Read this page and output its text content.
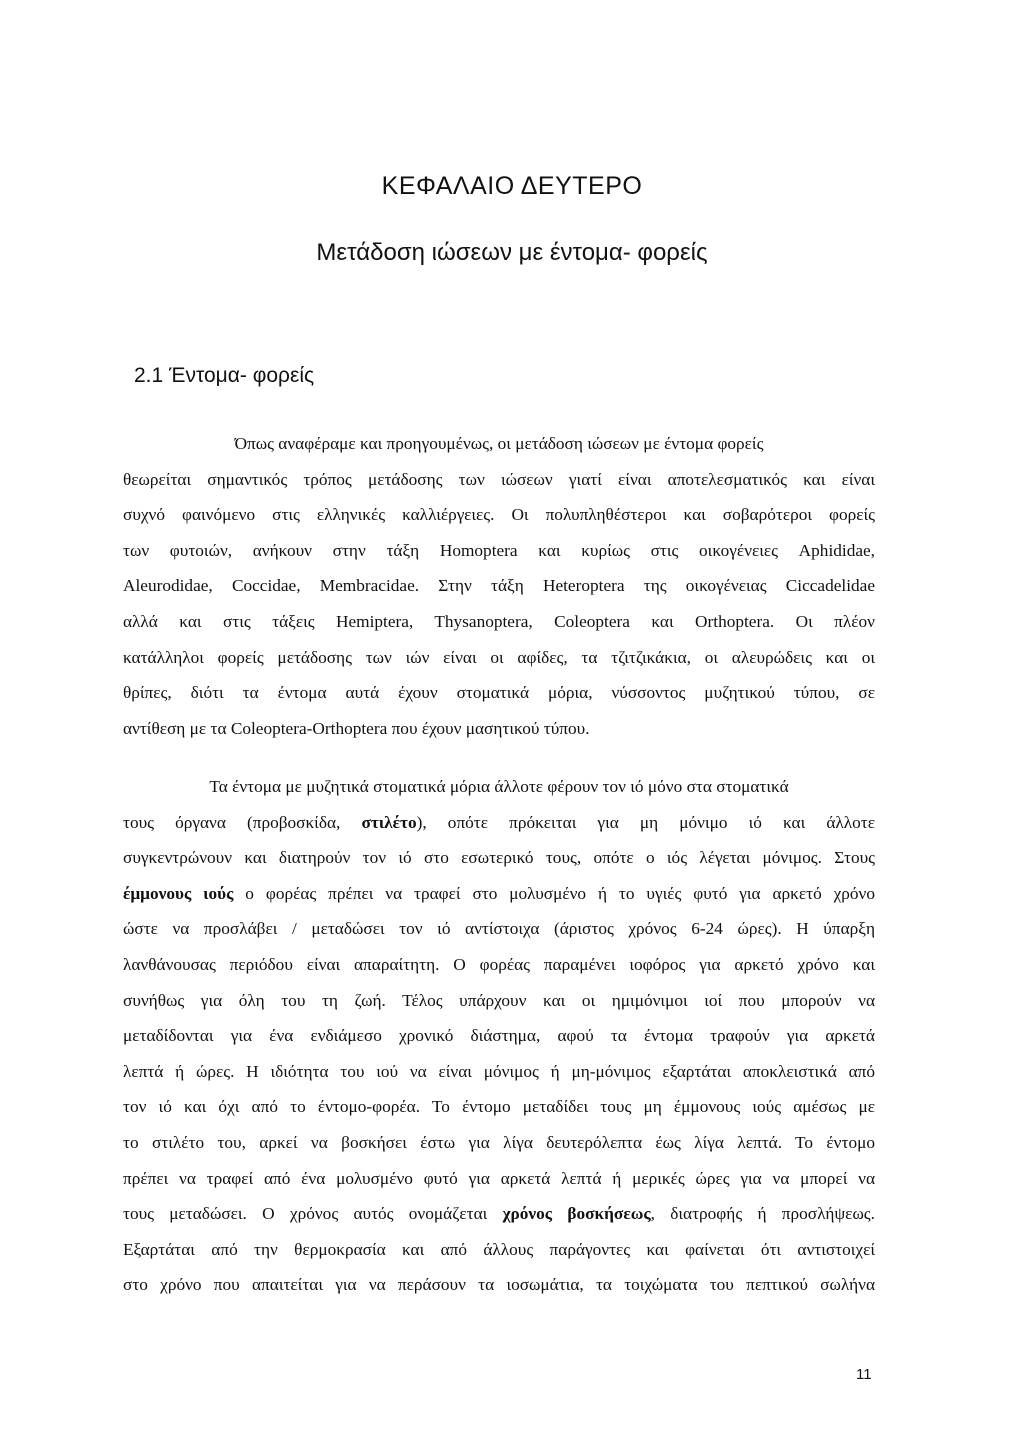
ΚΕΦΑΛΑΙΟ ΔΕΥΤΕΡΟ
Μετάδοση ιώσεων με έντομα- φορείς
2.1 Έντομα- φορείς
Όπως αναφέραμε και προηγουμένως, οι μετάδοση ιώσεων με έντομα φορείς
θεωρείται σημαντικός τρόπος μετάδοσης των ιώσεων γιατί είναι αποτελεσματικός και είναι
συχνό φαινόμενο στις ελληνικές καλλιέργειες. Οι πολυπληθέστεροι και σοβαρότεροι φορείς
των φυτοιών, ανήκουν στην τάξη Homoptera και κυρίως στις οικογένειες Aphididae,
Aleurodidae, Coccidae, Membracidae. Στην τάξη Heteroptera της οικογένειας Ciccadelidae
αλλά και στις τάξεις Hemiptera, Thysanoptera, Coleoptera και Orthoptera. Οι πλέον
κατάλληλοι φορείς μετάδοσης των ιών είναι οι αφίδες, τα τζιτζικάκια, οι αλευρώδεις και οι
θρίπες, διότι τα έντομα αυτά έχουν στοματικά μόρια, νύσσοντος μυζητικού τύπου, σε
αντίθεση με τα Coleoptera-Orthoptera που έχουν μασητικού τύπου.
Τα έντομα με μυζητικά στοματικά μόρια άλλοτε φέρουν τον ιό μόνο στα στοματικά
τους όργανα (προβοσκίδα, στιλέτο), οπότε πρόκειται για μη μόνιμο ιό και άλλοτε
συγκεντρώνουν και διατηρούν τον ιό στο εσωτερικό τους, οπότε ο ιός λέγεται μόνιμος. Στους
έμμονους ιούς ο φορέας πρέπει να τραφεί στο μολυσμένο ή το υγιές φυτό για αρκετό χρόνο
ώστε να προσλάβει / μεταδώσει τον ιό αντίστοιχα (άριστος χρόνος 6-24 ώρες). Η ύπαρξη
λανθάνουσας περιόδου είναι απαραίτητη. Ο φορέας παραμένει ιοφόρος για αρκετό χρόνο και
συνήθως για όλη του τη ζωή. Τέλος υπάρχουν και οι ημιμόνιμοι ιοί που μπορούν να
μεταδίδονται για ένα ενδιάμεσο χρονικό διάστημα, αφού τα έντομα τραφούν για αρκετά
λεπτά ή ώρες. Η ιδιότητα του ιού να είναι μόνιμος ή μη-μόνιμος εξαρτάται αποκλειστικά από
τον ιό και όχι από το έντομο-φορέα. Το έντομο μεταδίδει τους μη έμμονους ιούς αμέσως με
το στιλέτο του, αρκεί να βοσκήσει έστω για λίγα δευτερόλεπτα έως λίγα λεπτά. Το έντομο
πρέπει να τραφεί από ένα μολυσμένο φυτό για αρκετά λεπτά ή μερικές ώρες για να μπορεί να
τους μεταδώσει. Ο χρόνος αυτός ονομάζεται χρόνος βοσκήσεως, διατροφής ή προσλήψεως.
Εξαρτάται από την θερμοκρασία και από άλλους παράγοντες και φαίνεται ότι αντιστοιχεί
στο χρόνο που απαιτείται για να περάσουν τα ιοσωμάτια, τα τοιχώματα του πεπτικού σωλήνα
11
